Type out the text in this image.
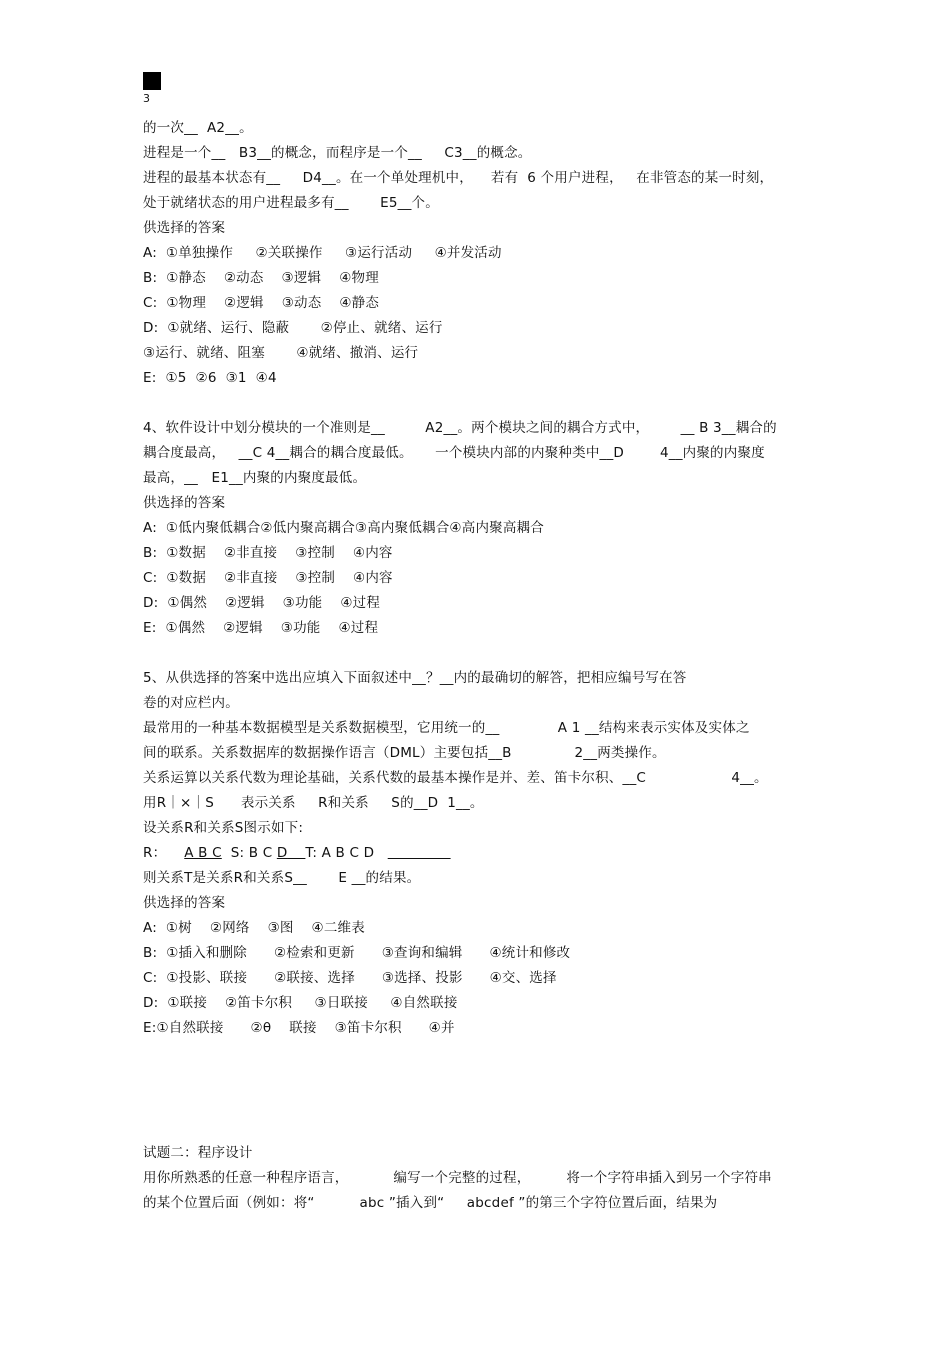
3
的一次__  A2__。
进程是一个__   B3__的概念，而程序是一个__     C3__的概念。
进程的最基本状态有__     D4__。在一个单处理机中，    若有  6 个用户进程，   在非管态的某一时刻，
处于就绪状态的用户进程最多有__       E5__个。
供选择的答案
A:  ①单独操作     ②关联操作     ③运行活动     ④并发活动
B:  ①静态    ②动态    ③逻辑    ④物理
C:  ①物理    ②逻辑    ③动态    ④静态
D:  ①就绪、运行、隐蔽       ②停止、就绪、运行
③运行、就绪、阻塞       ④就绪、撤消、运行
E:  ①5  ②6  ③1  ④4
4、软件设计中划分模块的一个准则是__         A2__。两个模块之间的耦合方式中，       __ B 3__耦合的
耦合度最高，   __C 4__耦合的耦合度最低。     一个模块内部的内聚种类中__D        4__内聚的内聚度
最高，__   E1__内聚的内聚度最低。
供选择的答案
A:  ①低内聚低耦合②低内聚高耦合③高内聚低耦合④高内聚高耦合
B:  ①数据    ②非直接    ③控制    ④内容
C:  ①数据    ②非直接    ③控制    ④内容
D:  ①偶然    ②逻辑    ③功能    ④过程
E:  ①偶然    ②逻辑    ③功能    ④过程
5、从供选择的答案中选出应填入下面叙述中__？__内的最确切的解答，把相应编号写在答
卷的对应栏内。
最常用的一种基本数据模型是关系数据模型，它用统一的__             A 1 __结构来表示实体及实体之
间的联系。关系数据库的数据操作语言（DML）主要包括__B              2__两类操作。
关系运算以关系代数为理论基础，关系代数的最基本操作是并、差、笛卡尔积、__C                   4__。
用R｜×｜S      表示关系     R和关系     S的__D  1__。
设关系R和关系S图示如下:
R： A B C S: B C D T: A B C D
则关系T是关系R和关系S__       E __的结果。
供选择的答案
A:  ①树    ②网络    ③图    ④二维表
B:  ①插入和删除      ②检索和更新      ③查询和编辑      ④统计和修改
C:  ①投影、联接      ②联接、选择      ③选择、投影      ④交、选择
D:  ①联接    ②笛卡尔积     ③日联接     ④自然联接
E:①自然联接      ②θ    联接    ③笛卡尔积      ④并
试题二：程序设计
用你所熟悉的任意一种程序语言，          编写一个完整的过程，        将一个字符串插入到另一个字符串
的某个位置后面（例如：将“          abc ”插入到“     abcdef ”的第三个字符位置后面，结果为
